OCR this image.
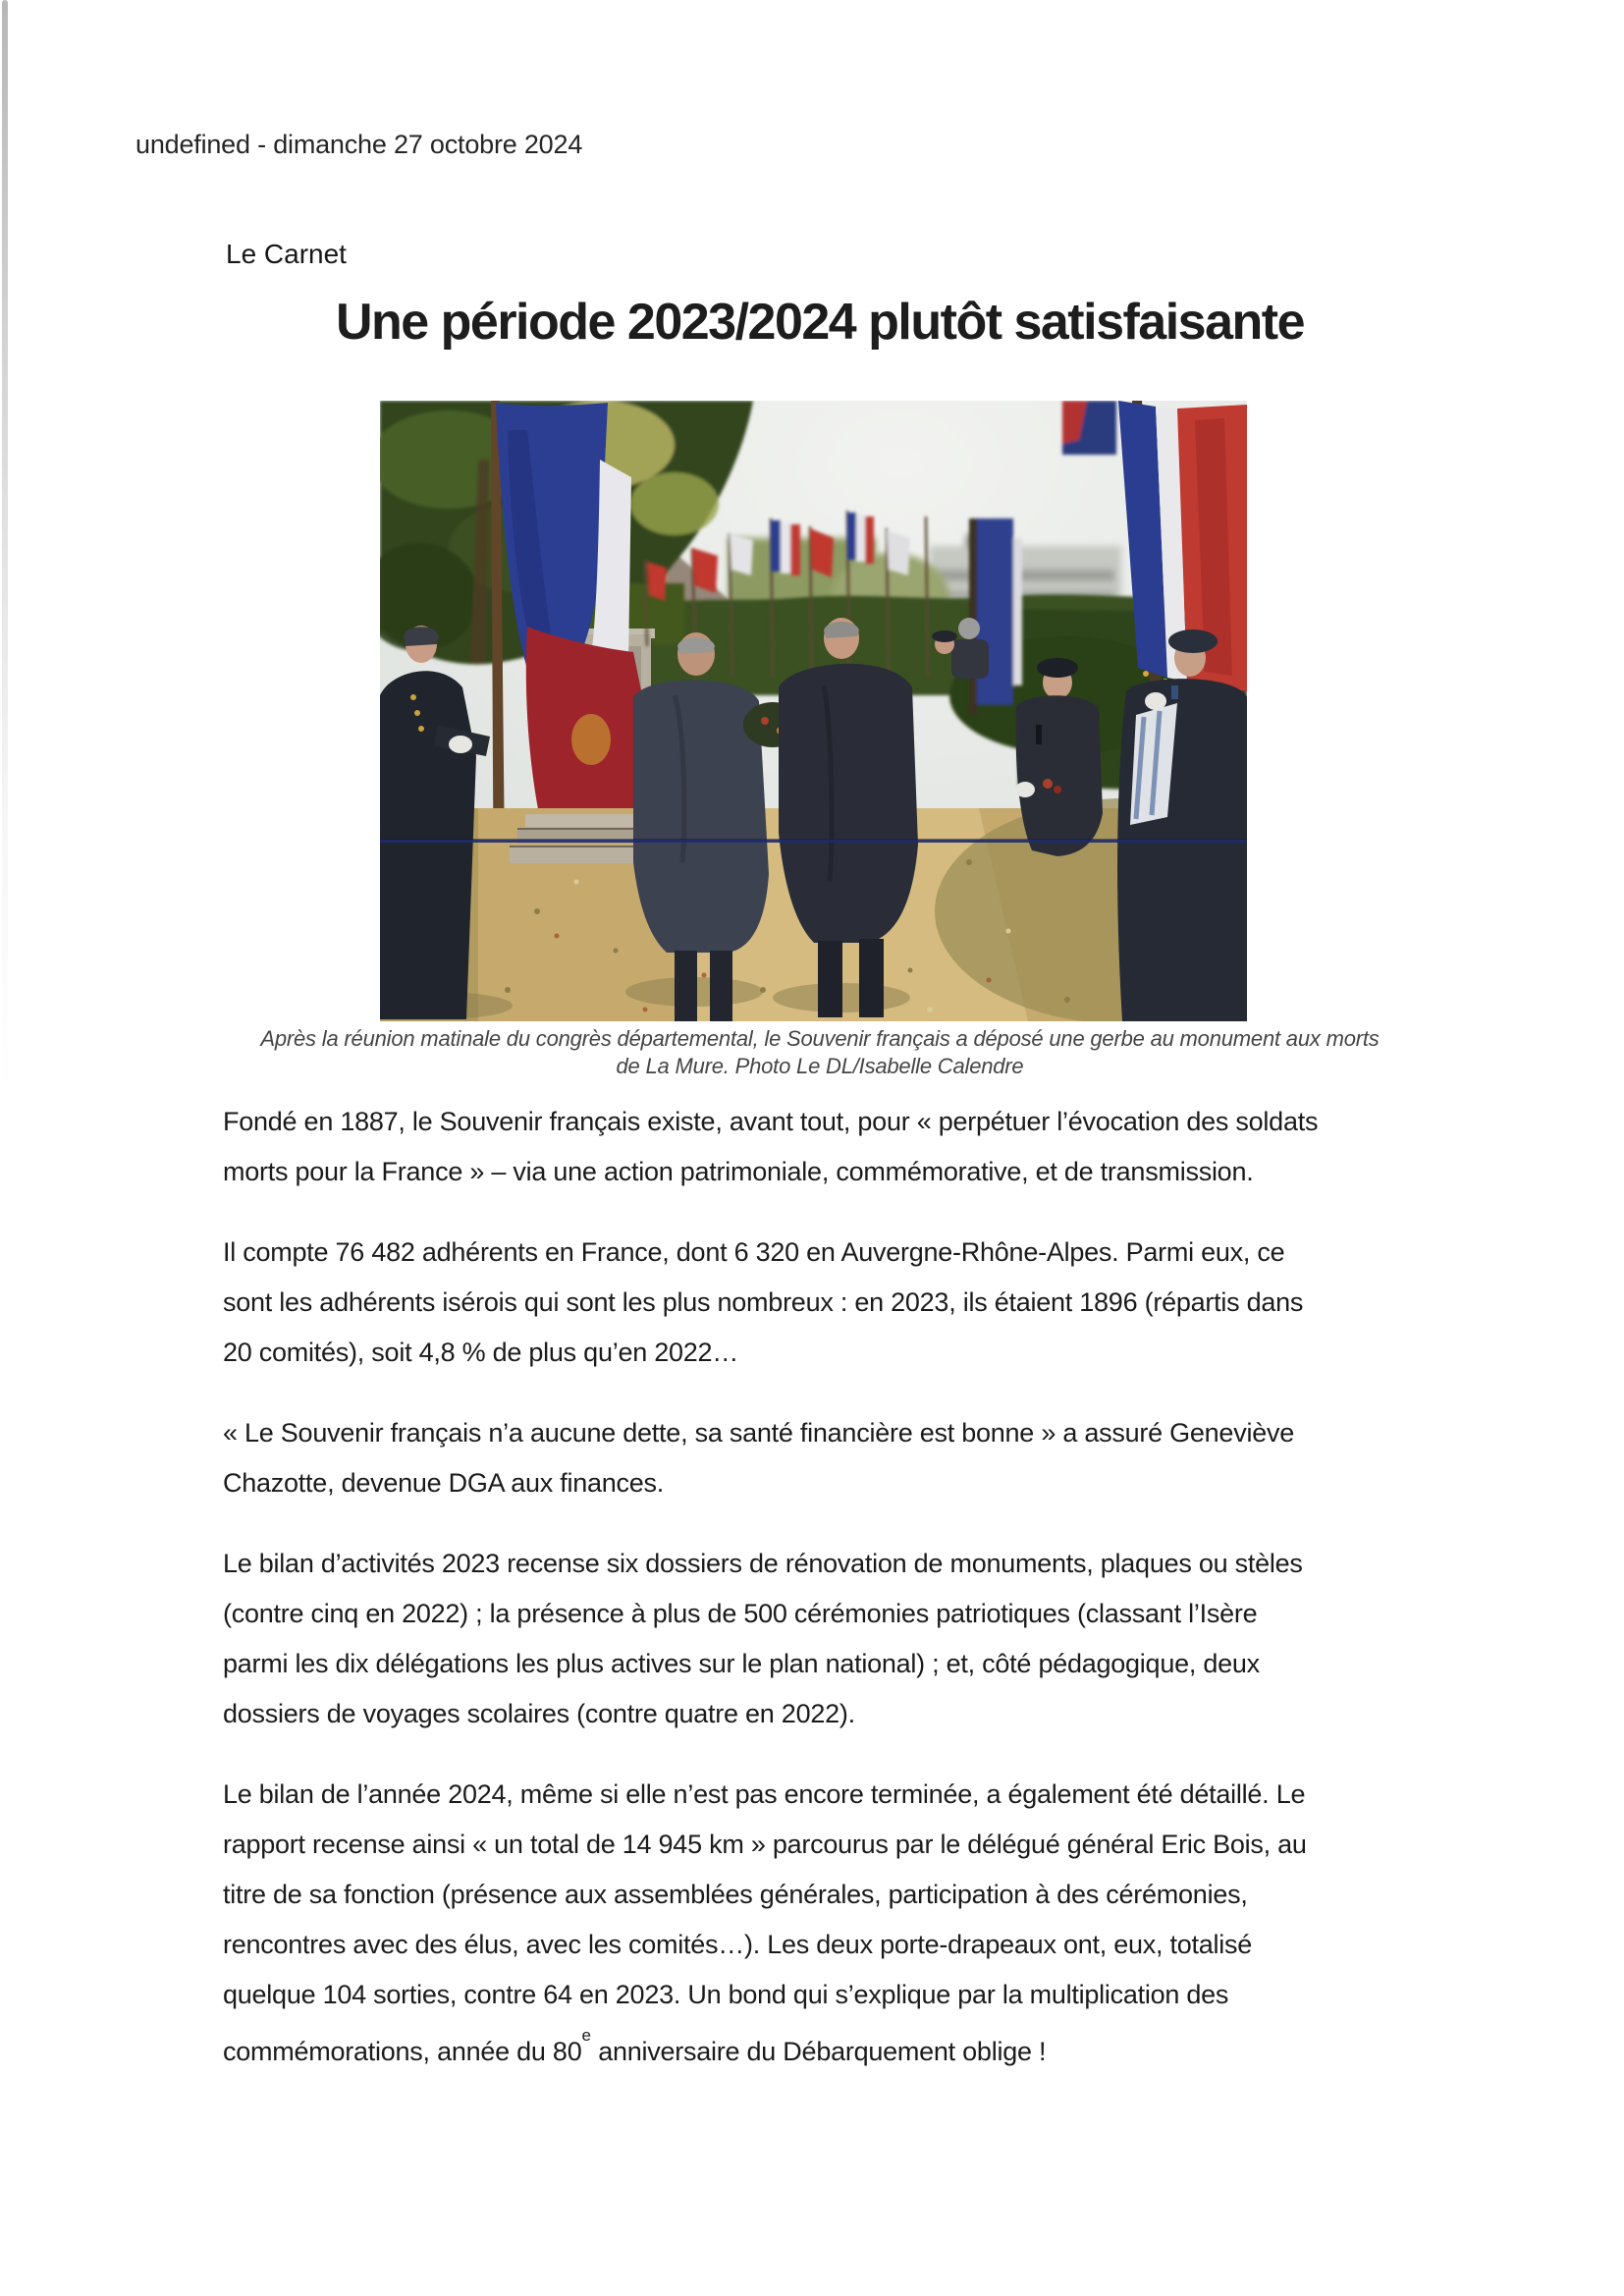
undefined - dimanche 27 octobre 2024
Le Carnet
Une période 2023/2024 plutôt satisfaisante
Après la réunion matinale du congrès départemental, le Souvenir français a déposé une gerbe au monument aux morts
de La Mure. Photo Le DL/Isabelle Calendre

Fondé en 1887, le Souvenir français existe, avant tout, pour « perpétuer l’évocation des soldats
morts pour la France » – via une action patrimoniale, commémorative, et de transmission.

Il compte 76 482 adhérents en France, dont 6 320 en Auvergne-Rhône-Alpes. Parmi eux, ce
sont les adhérents isérois qui sont les plus nombreux : en 2023, ils étaient 1896 (répartis dans
20 comités), soit 4,8 % de plus qu’en 2022…

« Le Souvenir français n’a aucune dette, sa santé financière est bonne » a assuré Geneviève
Chazotte, devenue DGA aux finances.

Le bilan d’activités 2023 recense six dossiers de rénovation de monuments, plaques ou stèles
(contre cinq en 2022) ; la présence à plus de 500 cérémonies patriotiques (classant l’Isère
parmi les dix délégations les plus actives sur le plan national) ; et, côté pédagogique, deux
dossiers de voyages scolaires (contre quatre en 2022).

Le bilan de l’année 2024, même si elle n’est pas encore terminée, a également été détaillé. Le
rapport recense ainsi « un total de 14 945 km » parcourus par le délégué général Eric Bois, au
titre de sa fonction (présence aux assemblées générales, participation à des cérémonies,
rencontres avec des élus, avec les comités…). Les deux porte-drapeaux ont, eux, totalisé
quelque 104 sorties, contre 64 en 2023. Un bond qui s’explique par la multiplication des
commémorations, année du 80e anniversaire du Débarquement oblige !
